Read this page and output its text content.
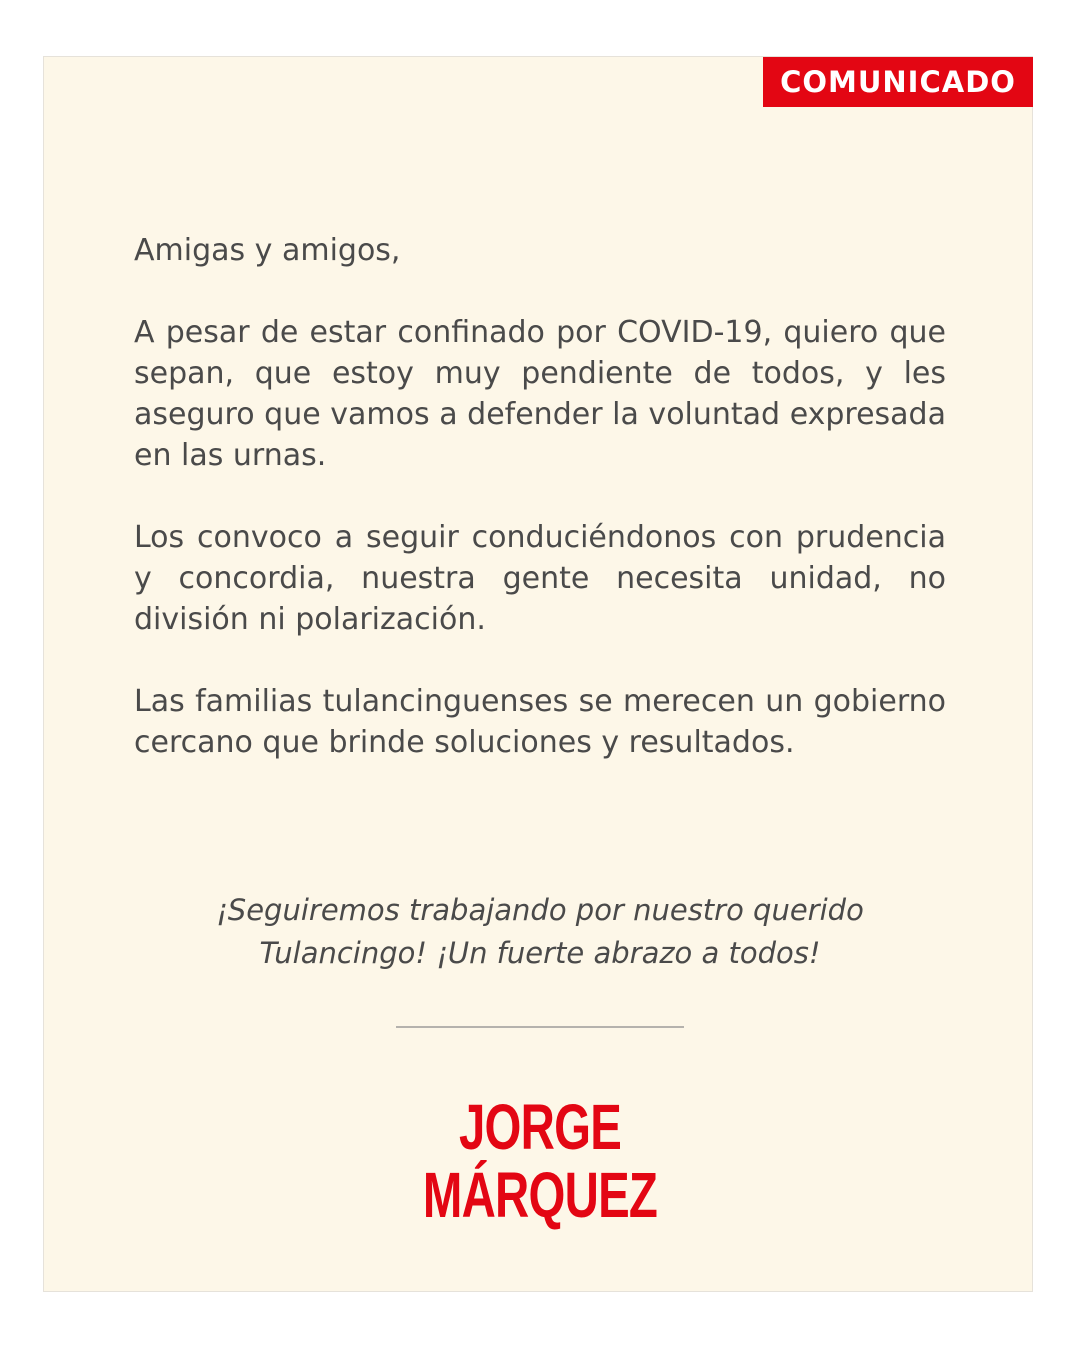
COMUNICADO

Amigas y amigos,

A pesar de estar confinado por COVID-19, quiero que sepan, que estoy muy pendiente de todos, y les aseguro que vamos a defender la voluntad expresada en las urnas.

Los convoco a seguir conduciéndonos con prudencia y concordia, nuestra gente necesita unidad, no división ni polarización.

Las familias tulancinguenses se merecen un gobierno cercano que brinde soluciones y resultados.

¡Seguiremos trabajando por nuestro querido
Tulancingo! ¡Un fuerte abrazo a todos!
JORGE
MÁRQUEZ
